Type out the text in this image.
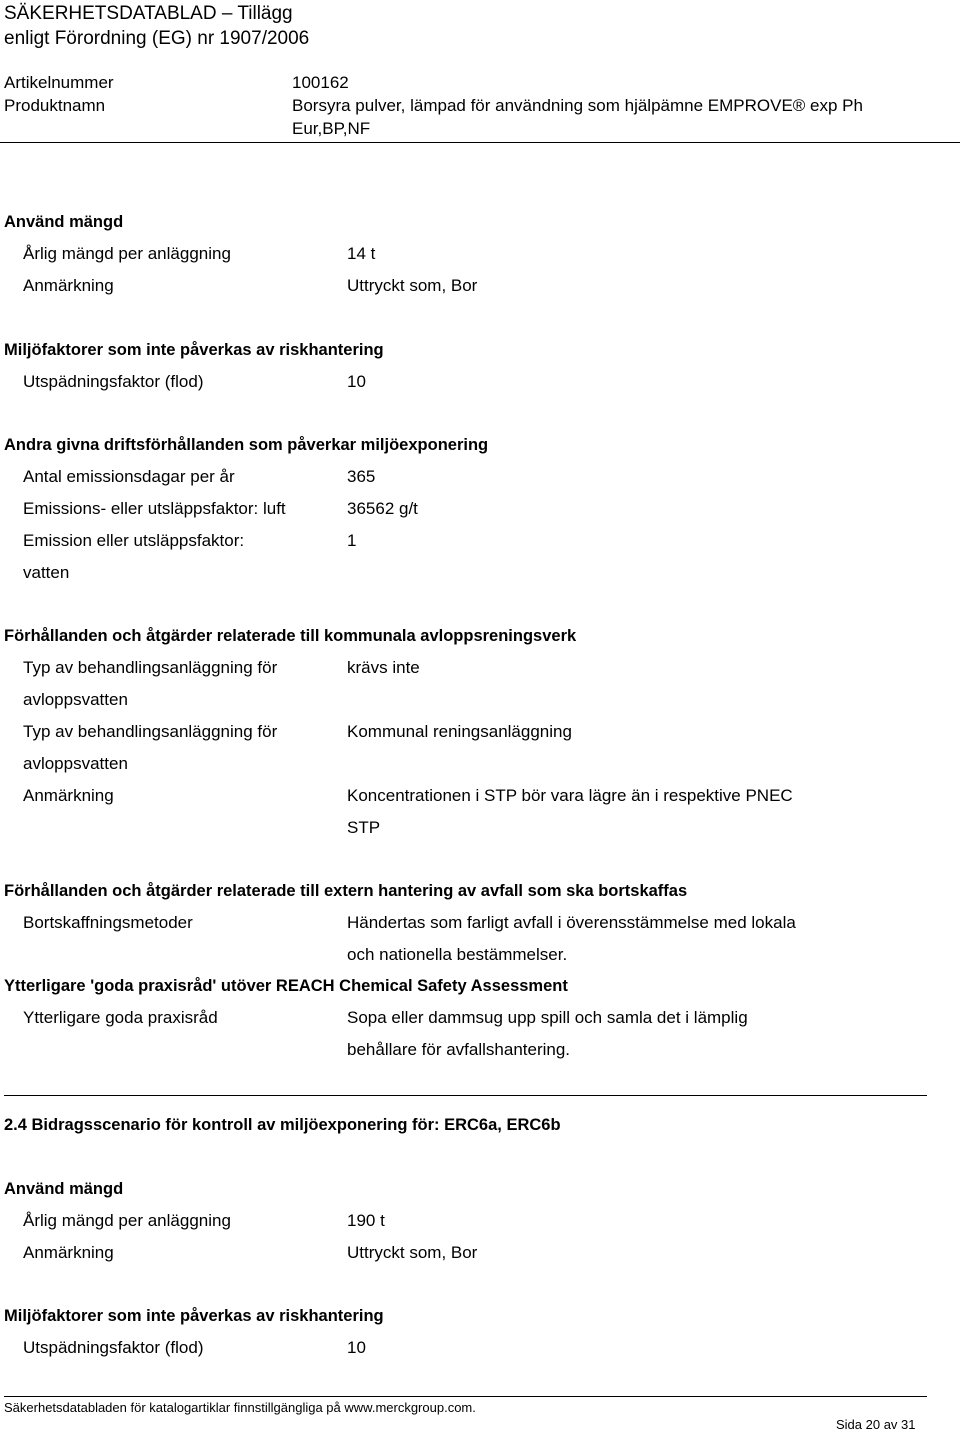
SÄKERHETSDATABLAD – Tillägg
enligt Förordning (EG) nr 1907/2006
Artikelnummer	100162
Produktnamn	Borsyra pulver, lämpad för användning som hjälpämne EMPROVE® exp Ph
Eur,BP,NF
Använd mängd
Årlig mängd per anläggning	14 t
Anmärkning	Uttryckt som, Bor
Miljöfaktorer som inte påverkas av riskhantering
Utspädningsfaktor (flod)	10
Andra givna driftsförhållanden som påverkar miljöexponering
Antal emissionsdagar per år	365
Emissions- eller utsläppsfaktor: luft	36562 g/t
Emission eller utsläppsfaktor:	1
vatten
Förhållanden och åtgärder relaterade till kommunala avloppsreningsverk
Typ av behandlingsanläggning för	krävs inte
avloppsvatten
Typ av behandlingsanläggning för	Kommunal reningsanläggning
avloppsvatten
Anmärkning	Koncentrationen i STP bör vara lägre än i respektive PNEC
STP
Förhållanden och åtgärder relaterade till extern hantering av avfall som ska bortskaffas
Bortskaffningsmetoder	Händertas som farligt avfall i överensstämmelse med lokala
och nationella bestämmelser.
Ytterligare 'goda praxisråd' utöver REACH Chemical Safety Assessment
Ytterligare goda praxisråd	Sopa eller dammsug upp spill och samla det i lämplig
behållare för avfallshantering.
2.4 Bidragsscenario för kontroll av miljöexponering för: ERC6a, ERC6b
Använd mängd
Årlig mängd per anläggning	190 t
Anmärkning	Uttryckt som, Bor
Miljöfaktorer som inte påverkas av riskhantering
Utspädningsfaktor (flod)	10
Säkerhetsdatabladen för katalogartiklar finnstillgängliga på www.merckgroup.com.
Sida 20 av 31
